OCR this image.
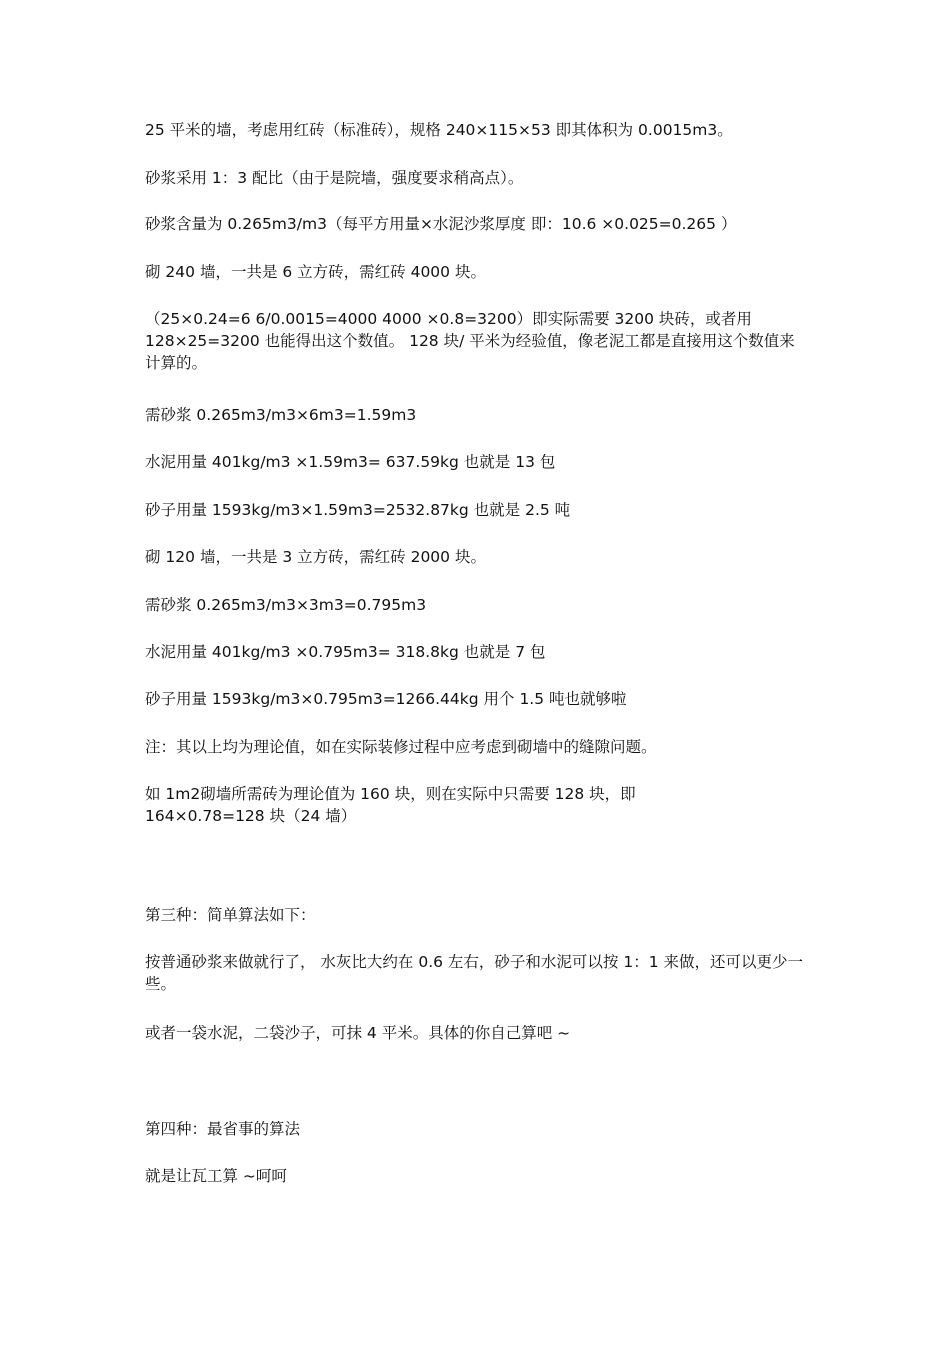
25 平米的墙，考虑用红砖（标准砖），规格 240×115×53 即其体积为 0.0015m3。
砂浆采用 1：3 配比（由于是院墙，强度要求稍高点）。
砂浆含量为 0.265m3/m3（每平方用量×水泥沙浆厚度 即：10.6 ×0.025=0.265 ）
砌 240 墙，一共是 6 立方砖，需红砖 4000 块。
（25×0.24=6 6/0.0015=4000 4000 ×0.8=3200）即实际需要 3200 块砖，或者用 128×25=3200 也能得出这个数值。 128 块/ 平米为经验值，像老泥工都是直接用这个数值来计算的。
需砂浆 0.265m3/m3×6m3=1.59m3
水泥用量 401kg/m3 ×1.59m3= 637.59kg 也就是 13 包
砂子用量 1593kg/m3×1.59m3=2532.87kg 也就是 2.5 吨
砌 120 墙，一共是 3 立方砖，需红砖 2000 块。
需砂浆 0.265m3/m3×3m3=0.795m3
水泥用量 401kg/m3 ×0.795m3= 318.8kg 也就是 7 包
砂子用量 1593kg/m3×0.795m3=1266.44kg 用个 1.5 吨也就够啦
注：其以上均为理论值，如在实际装修过程中应考虑到砌墙中的缝隙问题。
如 1m2砌墙所需砖为理论值为 160 块，则在实际中只需要 128 块，即 164×0.78=128 块（24 墙）
第三种：简单算法如下：
按普通砂浆来做就行了， 水灰比大约在 0.6 左右，砂子和水泥可以按 1：1 来做，还可以更少一些。
或者一袋水泥，二袋沙子，可抹 4 平米。具体的你自己算吧 ~
第四种：最省事的算法
就是让瓦工算 ~呵呵
